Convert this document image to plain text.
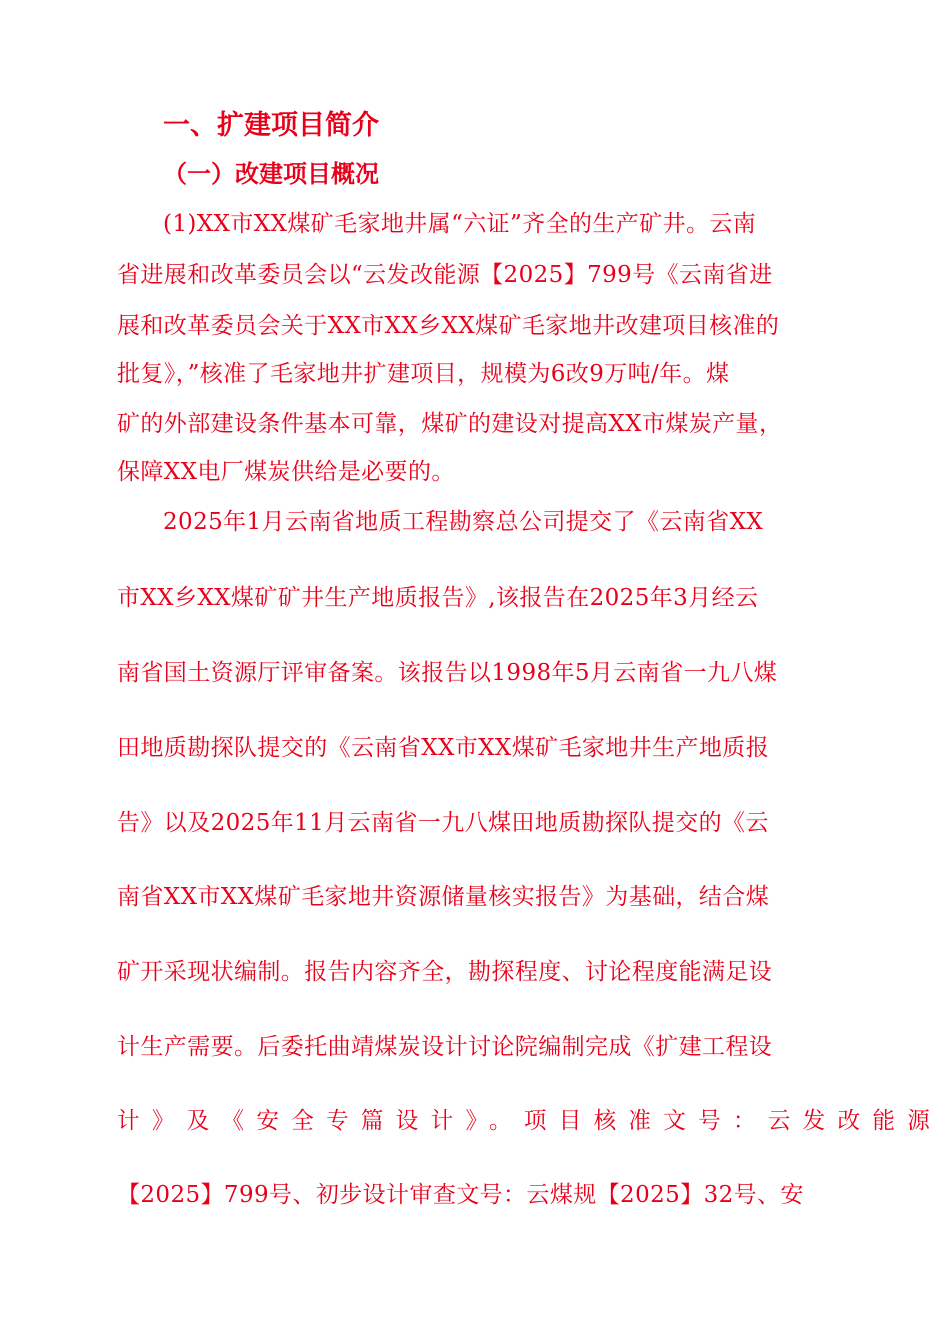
一、扩建项目简介
（一）改建项目概况
(1)XX市XX煤矿毛家地井属“六证”齐全的生产矿井。云南
省进展和改革委员会以“云发改能源【2025】799号《云南省进
展和改革委员会关于XX市XX乡XX煤矿毛家地井改建项目核准的
批复》，”核准了毛家地井扩建项目，规模为6改9万吨/年。煤
矿的外部建设条件基本可靠，煤矿的建设对提高XX市煤炭产量，
保障XX电厂煤炭供给是必要的。
2025年1月云南省地质工程勘察总公司提交了《云南省XX
市XX乡XX煤矿矿井生产地质报告》,该报告在2025年3月经云
南省国土资源厅评审备案。该报告以1998年5月云南省一九八煤
田地质勘探队提交的《云南省XX市XX煤矿毛家地井生产地质报
告》以及2025年11月云南省一九八煤田地质勘探队提交的《云
南省XX市XX煤矿毛家地井资源储量核实报告》为基础，结合煤
矿开采现状编制。报告内容齐全，勘探程度、讨论程度能满足设
计生产需要。后委托曲靖煤炭设计讨论院编制完成《扩建工程设
计》及《安全专篇设计》。项目核准文号：云发改能源
【2025】799号、初步设计审查文号：云煤规【2025】32号、安
